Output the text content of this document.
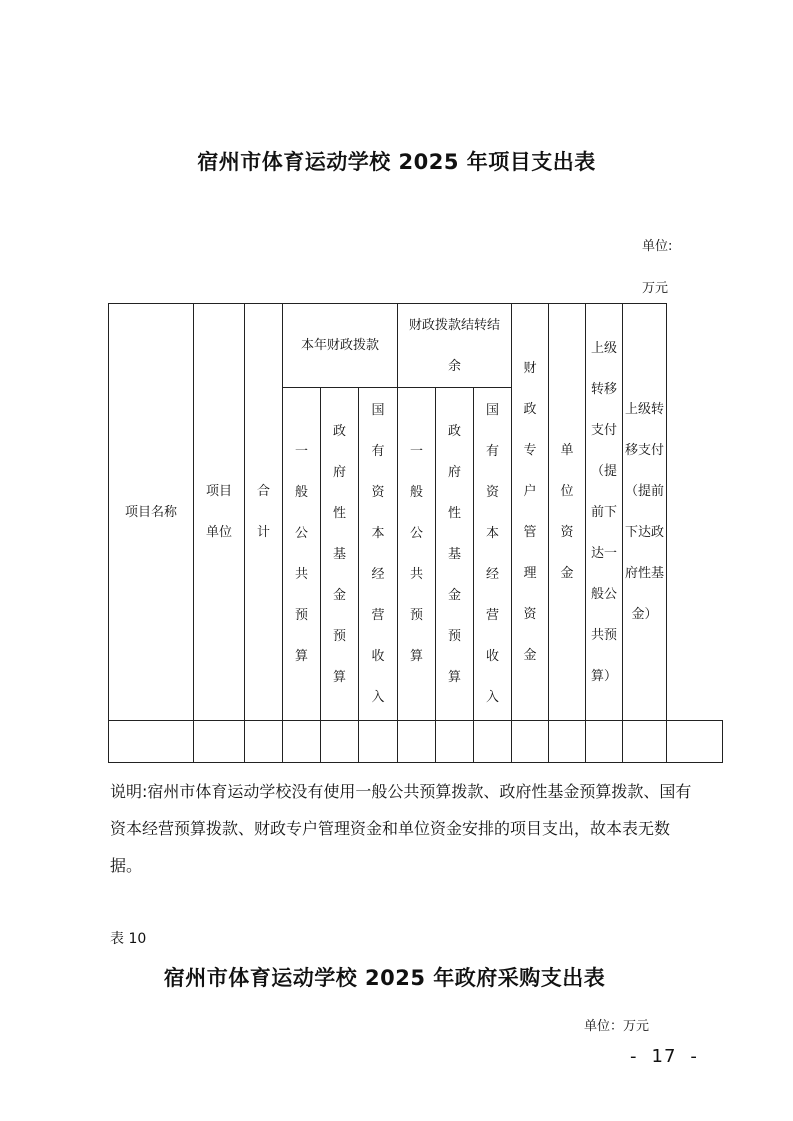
宿州市体育运动学校 2025 年项目支出表
单位:
万元
项目名称	项目单位	合计	本年财政拨款			财政拨款结转结余			财政专户管理资金	单位资金	上级转移支付（提前下达一般公共预算）	上级转移支付（提前下达政府性基金）	
			一般公共预算	政府性基金预算	国有资本经营收入	一般公共预算	政府性基金预算	国有资本经营收入					

说明:宿州市体育运动学校没有使用一般公共预算拨款、政府性基金预算拨款、国有资本经营预算拨款、财政专户管理资金和单位资金安排的项目支出，故本表无数据。
表 10
宿州市体育运动学校 2025 年政府采购支出表
单位：万元
- 17 -
